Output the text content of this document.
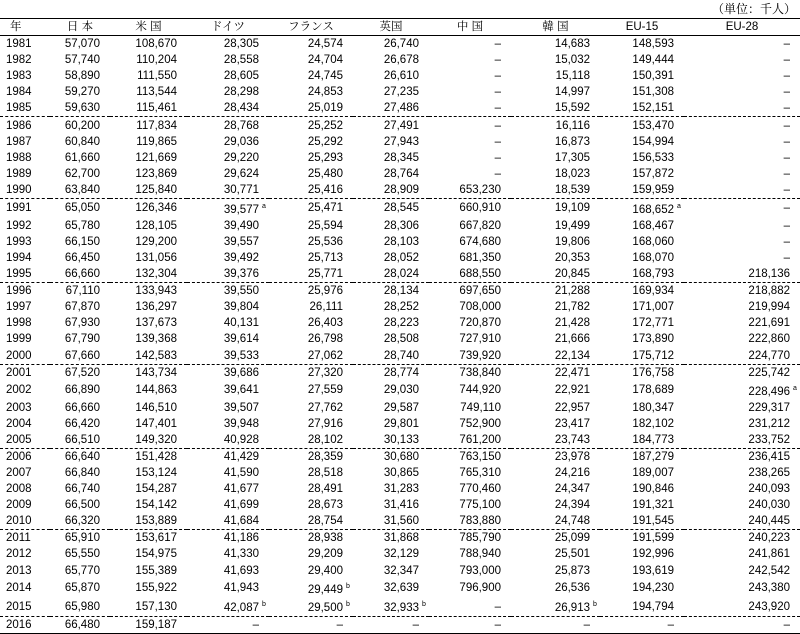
（単位：千人）
年	日 本	米 国	ドイツ	フランス	英国	中 国	韓 国	EU-15	EU-28
1981	57,070	108,670	28,305	24,574	26,740	–	14,683	148,593	–
1982	57,740	110,204	28,558	24,704	26,678	–	15,032	149,444	–
1983	58,890	111,550	28,605	24,745	26,610	–	15,118	150,391	–
1984	59,270	113,544	28,298	24,853	27,235	–	14,997	151,308	–
1985	59,630	115,461	28,434	25,019	27,486	–	15,592	152,151	–
1986	60,200	117,834	28,768	25,252	27,491	–	16,116	153,470	–
1987	60,840	119,865	29,036	25,292	27,943	–	16,873	154,994	–
1988	61,660	121,669	29,220	25,293	28,345	–	17,305	156,533	–
1989	62,700	123,869	29,624	25,480	28,764	–	18,023	157,872	–
1990	63,840	125,840	30,771	25,416	28,909	653,230	18,539	159,959	–
1991	65,050	126,346	39,577 a	25,471	28,545	660,910	19,109	168,652 a	–
1992	65,780	128,105	39,490	25,594	28,306	667,820	19,499	168,467	–
1993	66,150	129,200	39,557	25,536	28,103	674,680	19,806	168,060	–
1994	66,450	131,056	39,492	25,713	28,052	681,350	20,353	168,070	–
1995	66,660	132,304	39,376	25,771	28,024	688,550	20,845	168,793	218,136
1996	67,110	133,943	39,550	25,976	28,134	697,650	21,288	169,934	218,882
1997	67,870	136,297	39,804	26,111	28,252	708,000	21,782	171,007	219,994
1998	67,930	137,673	40,131	26,403	28,223	720,870	21,428	172,771	221,691
1999	67,790	139,368	39,614	26,798	28,508	727,910	21,666	173,890	222,860
2000	67,660	142,583	39,533	27,062	28,740	739,920	22,134	175,712	224,770
2001	67,520	143,734	39,686	27,320	28,774	738,840	22,471	176,758	225,742
2002	66,890	144,863	39,641	27,559	29,030	744,920	22,921	178,689	228,496 a
2003	66,660	146,510	39,507	27,762	29,587	749,110	22,957	180,347	229,317
2004	66,420	147,401	39,948	27,916	29,801	752,900	23,417	182,102	231,212
2005	66,510	149,320	40,928	28,102	30,133	761,200	23,743	184,773	233,752
2006	66,640	151,428	41,429	28,359	30,680	763,150	23,978	187,279	236,415
2007	66,840	153,124	41,590	28,518	30,865	765,310	24,216	189,007	238,265
2008	66,740	154,287	41,677	28,491	31,283	770,460	24,347	190,846	240,093
2009	66,500	154,142	41,699	28,673	31,416	775,100	24,394	191,321	240,030
2010	66,320	153,889	41,684	28,754	31,560	783,880	24,748	191,545	240,445
2011	65,910	153,617	41,186	28,938	31,868	785,790	25,099	191,599	240,223
2012	65,550	154,975	41,330	29,209	32,129	788,940	25,501	192,996	241,861
2013	65,770	155,389	41,693	29,400	32,347	793,000	25,873	193,619	242,542
2014	65,870	155,922	41,943	29,449 b	32,639	796,900	26,536	194,230	243,380
2015	65,980	157,130	42,087 b	29,500 b	32,933 b	–	26,913 b	194,794	243,920
2016	66,480	159,187	–	–	–	–	–	–	–
